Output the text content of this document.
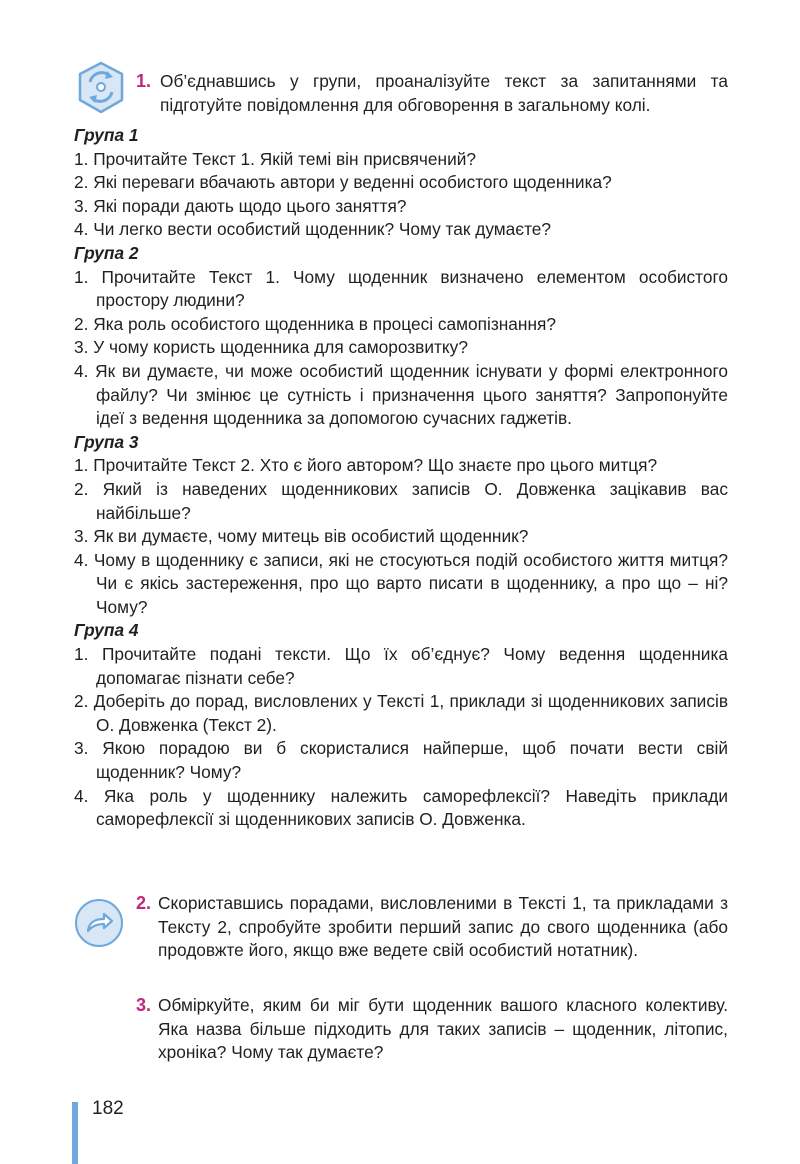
1. Об’єднавшись у групи, проаналізуйте текст за запитаннями та підготуйте повідомлення для обговорення в загальному колі.
Група 1
1. Прочитайте Текст 1. Якій темі він присвячений?
2. Які переваги вбачають автори у веденні особистого щоденника?
3. Які поради дають щодо цього заняття?
4. Чи легко вести особистий щоденник? Чому так думаєте?
Група 2
1. Прочитайте Текст 1. Чому щоденник визначено елементом особистого простору людини?
2. Яка роль особистого щоденника в процесі самопізнання?
3. У чому користь щоденника для саморозвитку?
4. Як ви думаєте, чи може особистий щоденник існувати у формі електронного файлу? Чи змінює це сутність і призначення цього заняття? Запропонуйте ідеї з ведення щоденника за допомогою сучасних гаджетів.
Група 3
1. Прочитайте Текст 2. Хто є його автором? Що знаєте про цього митця?
2. Який із наведених щоденникових записів О. Довженка зацікавив вас найбільше?
3. Як ви думаєте, чому митець вів особистий щоденник?
4. Чому в щоденнику є записи, які не стосуються подій особистого життя митця? Чи є якісь застереження, про що варто писати в щоденнику, а про що – ні? Чому?
Група 4
1. Прочитайте подані тексти. Що їх об’єднує? Чому ведення щоденника допомагає пізнати себе?
2. Доберіть до порад, висловлених у Тексті 1, приклади зі щоденникових записів О. Довженка (Текст 2).
3. Якою порадою ви б скористалися найперше, щоб почати вести свій щоденник? Чому?
4. Яка роль у щоденнику належить саморефлексії? Наведіть приклади саморефлексії зі щоденникових записів О. Довженка.
2. Скориставшись порадами, висловленими в Тексті 1, та прикладами з Тексту 2, спробуйте зробити перший запис до свого щоденника (або продовжте його, якщо вже ведете свій особистий нотатник).
3. Обміркуйте, яким би міг бути щоденник вашого класного колективу. Яка назва більше підходить для таких записів – щоденник, літопис, хроніка? Чому так думаєте?
182
